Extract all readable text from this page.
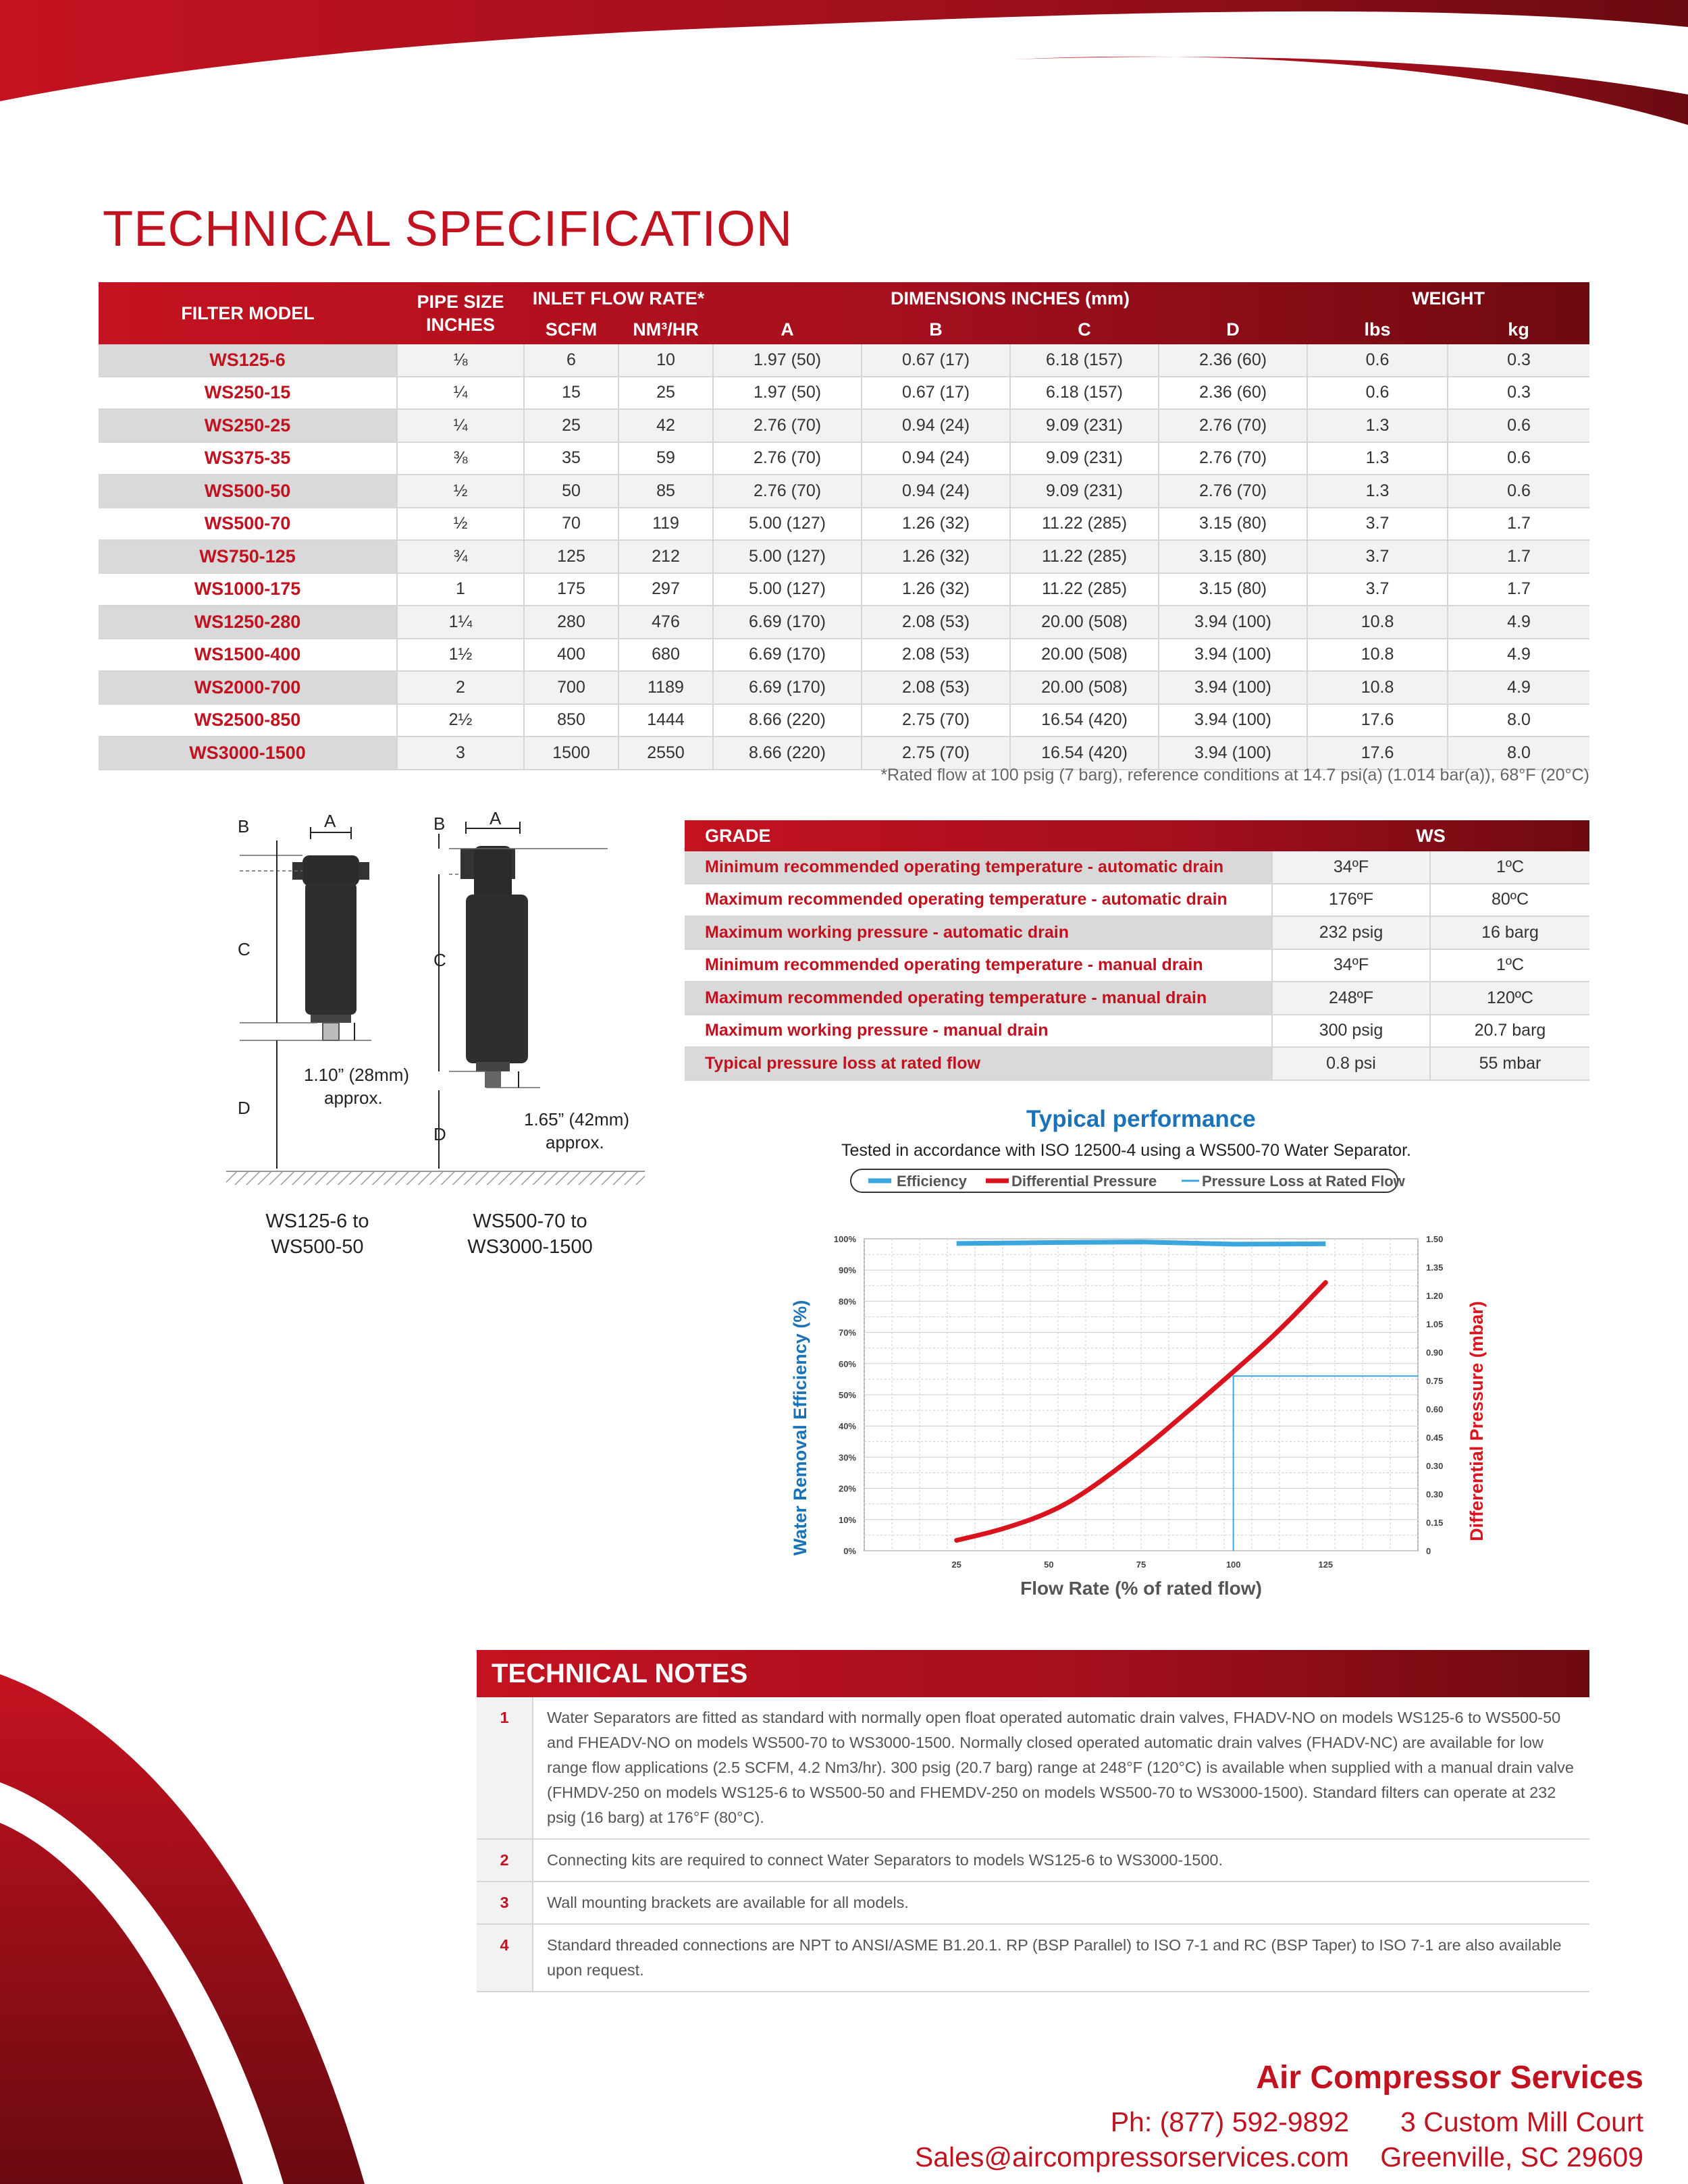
TECHNICAL SPECIFICATION
FILTER MODEL	PIPE SIZE INCHES	INLET FLOW RATE*		DIMENSIONS INCHES (mm)				WEIGHT	
		SCFM	NM³/HR	A	B	C	D	lbs	kg
WS125-6	⅛	6	10	1.97 (50)	0.67 (17)	6.18 (157)	2.36 (60)	0.6	0.3
WS250-15	¼	15	25	1.97 (50)	0.67 (17)	6.18 (157)	2.36 (60)	0.6	0.3
WS250-25	¼	25	42	2.76 (70)	0.94 (24)	9.09 (231)	2.76 (70)	1.3	0.6
WS375-35	⅜	35	59	2.76 (70)	0.94 (24)	9.09 (231)	2.76 (70)	1.3	0.6
WS500-50	½	50	85	2.76 (70)	0.94 (24)	9.09 (231)	2.76 (70)	1.3	0.6
WS500-70	½	70	119	5.00 (127)	1.26 (32)	11.22 (285)	3.15 (80)	3.7	1.7
WS750-125	¾	125	212	5.00 (127)	1.26 (32)	11.22 (285)	3.15 (80)	3.7	1.7
WS1000-175	1	175	297	5.00 (127)	1.26 (32)	11.22 (285)	3.15 (80)	3.7	1.7
WS1250-280	1¼	280	476	6.69 (170)	2.08 (53)	20.00 (508)	3.94 (100)	10.8	4.9
WS1500-400	1½	400	680	6.69 (170)	2.08 (53)	20.00 (508)	3.94 (100)	10.8	4.9
WS2000-700	2	700	1189	6.69 (170)	2.08 (53)	20.00 (508)	3.94 (100)	10.8	4.9
WS2500-850	2½	850	1444	8.66 (220)	2.75 (70)	16.54 (420)	3.94 (100)	17.6	8.0
WS3000-1500	3	1500	2550	8.66 (220)	2.75 (70)	16.54 (420)	3.94 (100)	17.6	8.0
*Rated flow at 100 psig (7 barg), reference conditions at 14.7 psi(a) (1.014 bar(a)), 68°F (20°C)
A
B
C
D
1.10” (28mm)
approx.
A
B
C
D
1.65” (42mm)
approx.
WS125-6 to
WS500-50
WS500-70 to
WS3000-1500
GRADE	WS	
Minimum recommended operating temperature - automatic drain	34ºF	1ºC
Maximum recommended operating temperature - automatic drain	176ºF	80ºC
Maximum working pressure - automatic drain	232 psig	16 barg
Minimum recommended operating temperature - manual drain	34ºF	1ºC
Maximum recommended operating temperature - manual drain	248ºF	120ºC
Maximum working pressure - manual drain	300 psig	20.7 barg
Typical pressure loss at rated flow	0.8 psi	55 mbar
Typical performance
Tested in accordance with ISO 12500-4 using a WS500-70 Water Separator.
Efficiency	Differential Pressure	Pressure Loss at Rated Flow
25	50	75	100	125
0%
10%
20%
30%
40%
50%
60%
70%
80%
90%
100%
0
0.15
0.30
0.30
0.45
0.60
0.75
0.90
1.05
1.20
1.35
1.50
Flow Rate (% of rated flow)
Water Removal Efficiency (%)	Differential Pressure (mbar)
TECHNICAL NOTES
1	Water Separators are fitted as standard with normally open float operated automatic drain valves, FHADV-NO on models WS125-6 to WS500-50 and FHEADV-NO on models WS500-70 to WS3000-1500. Normally closed operated automatic drain valves (FHADV-NC) are available for low range flow applications (2.5 SCFM, 4.2 Nm3/hr). 300 psig (20.7 barg) range at 248°F (120°C) is available when supplied with a manual drain valve (FHMDV-250 on models WS125-6 to WS500-50 and FHEMDV-250 on models WS500-70 to WS3000-1500). Standard filters can operate at 232 psig (16 barg) at 176°F (80°C).
2	Connecting kits are required to connect Water Separators to models WS125-6 to WS3000-1500.
3	Wall mounting brackets are available for all models.
4	Standard threaded connections are NPT to ANSI/ASME B1.20.1. RP (BSP Parallel) to ISO 7-1 and RC (BSP Taper) to ISO 7-1 are also available upon request.
Air Compressor Services
Ph: (877) 592-9892 3 Custom Mill Court
Sales@aircompressorservices.com Greenville, SC 29609
